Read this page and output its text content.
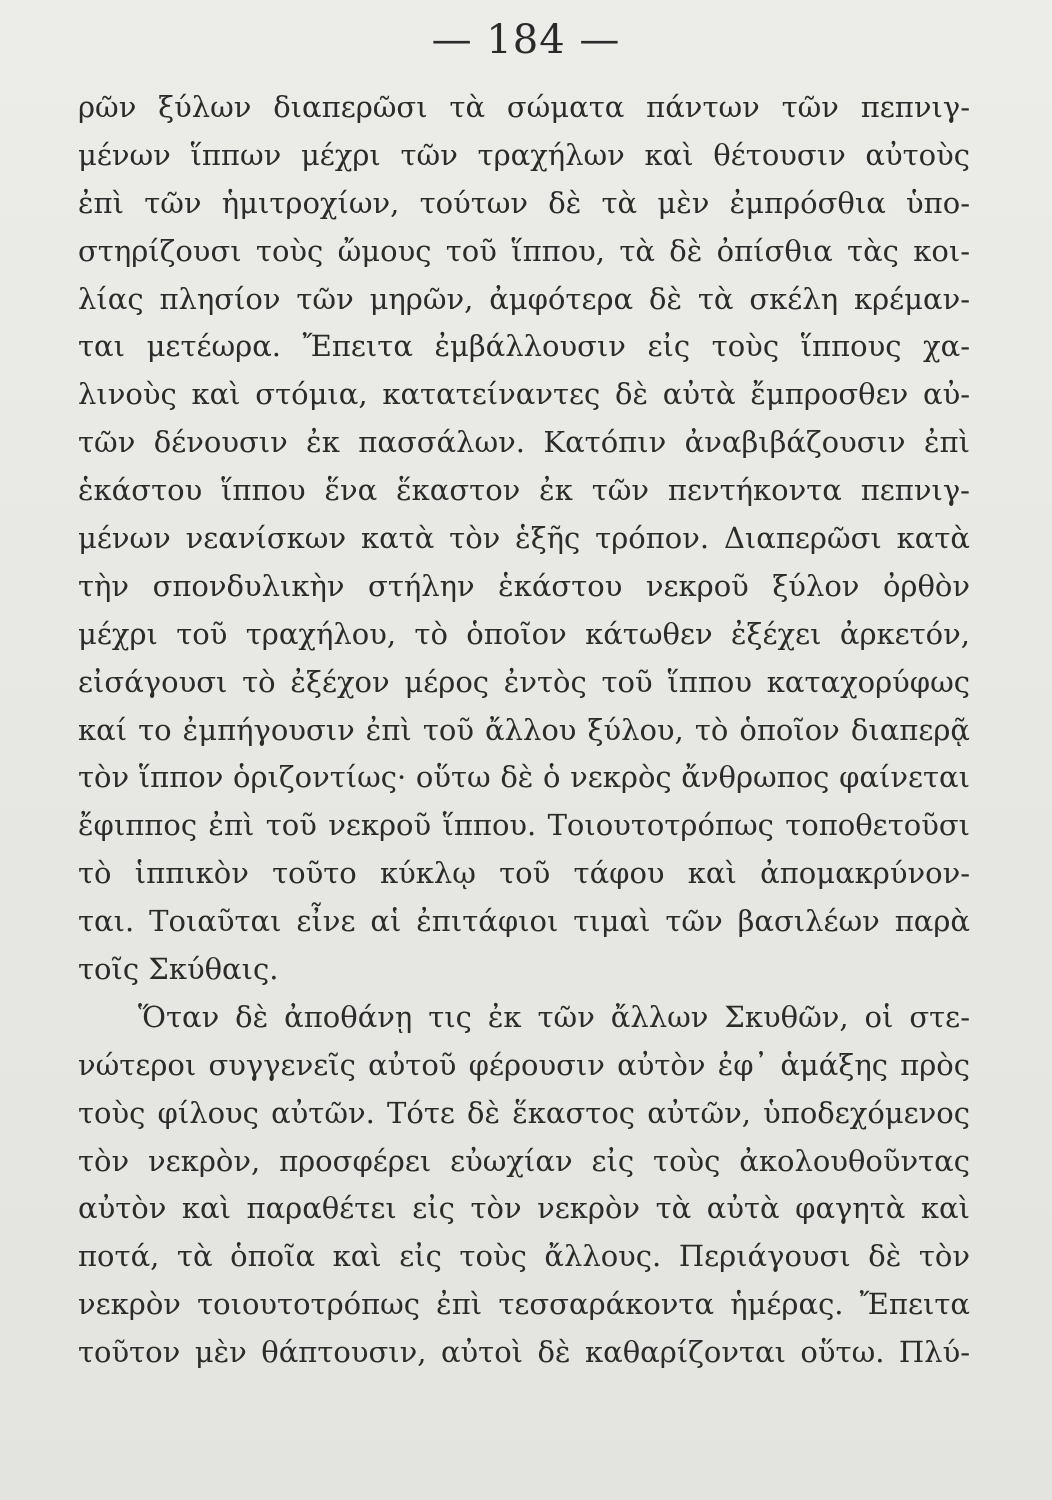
— 184 —
ρῶν ξύλων διαπερῶσι τὰ σώματα πάντων τῶν πεπνιγ-
μένων ἵππων μέχρι τῶν τραχήλων καὶ θέτουσιν αὐτοὺς
ἐπὶ τῶν ἡμιτροχίων, τούτων δὲ τὰ μὲν ἐμπρόσθια ὑπο-
στηρίζουσι τοὺς ὤμους τοῦ ἵππου, τὰ δὲ ὀπίσθια τὰς κοι-
λίας πλησίον τῶν μηρῶν, ἀμφότερα δὲ τὰ σκέλη κρέμαν-
ται μετέωρα. Ἔπειτα ἐμβάλλουσιν εἰς τοὺς ἵππους χα-
λινοὺς καὶ στόμια, κατατείναντες δὲ αὐτὰ ἔμπροσθεν αὐ-
τῶν δένουσιν ἐκ πασσάλων. Κατόπιν ἀναβιβάζουσιν ἐπὶ
ἑκάστου ἵππου ἕνα ἕκαστον ἐκ τῶν πεντήκοντα πεπνιγ-
μένων νεανίσκων κατὰ τὸν ἑξῆς τρόπον. Διαπερῶσι κατὰ
τὴν σπονδυλικὴν στήλην ἑκάστου νεκροῦ ξύλον ὀρθὸν
μέχρι τοῦ τραχήλου, τὸ ὁποῖον κάτωθεν ἐξέχει ἀρκετόν,
εἰσάγουσι τὸ ἐξέχον μέρος ἐντὸς τοῦ ἵππου καταχορύφως
καί το ἐμπήγουσιν ἐπὶ τοῦ ἄλλου ξύλου, τὸ ὁποῖον διαπερᾷ
τὸν ἵππον ὁριζοντίως· οὕτω δὲ ὁ νεκρὸς ἄνθρωπος φαίνεται
ἔφιππος ἐπὶ τοῦ νεκροῦ ἵππου. Τοιουτοτρόπως τοποθετοῦσι
τὸ ἱππικὸν τοῦτο κύκλῳ τοῦ τάφου καὶ ἀπομακρύνον-
ται. Τοιαῦται εἶνε αἱ ἐπιτάφιοι τιμαὶ τῶν βασιλέων παρὰ
τοῖς Σκύθαις.
Ὅταν δὲ ἀποθάνῃ τις ἐκ τῶν ἄλλων Σκυθῶν, οἱ στε-
νώτεροι συγγενεῖς αὐτοῦ φέρουσιν αὐτὸν ἐφ᾽ ἁμάξης πρὸς
τοὺς φίλους αὐτῶν. Τότε δὲ ἕκαστος αὐτῶν, ὑποδεχόμενος
τὸν νεκρὸν, προσφέρει εὐωχίαν εἰς τοὺς ἀκολουθοῦντας
αὐτὸν καὶ παραθέτει εἰς τὸν νεκρὸν τὰ αὐτὰ φαγητὰ καὶ
ποτά, τὰ ὁποῖα καὶ εἰς τοὺς ἄλλους. Περιάγουσι δὲ τὸν
νεκρὸν τοιουτοτρόπως ἐπὶ τεσσαράκοντα ἡμέρας. Ἔπειτα
τοῦτον μὲν θάπτουσιν, αὐτοὶ δὲ καθαρίζονται οὕτω. Πλύ-
